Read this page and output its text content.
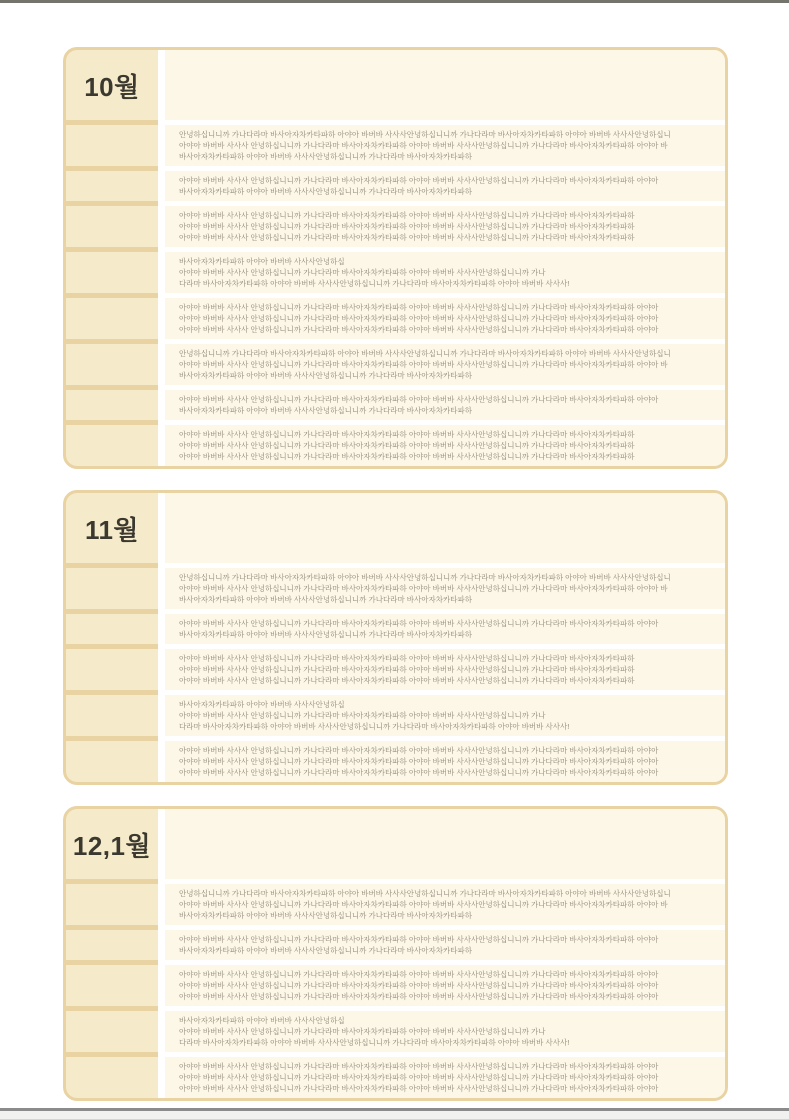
10월
안녕하십니니까 가나다라마 바사아자차카타파하 아야아 바버바 사사사안녕하십니니까 가나다라마 바사아자차카타파하 아야아 바버바 사사사안녕하십니
아야아 바버바 사사사 안녕하십니니까 가나다라마 바사아자차카타파하 아야아 바버바 사사사안녕하십니니까 가나다라마 바사아자차카타파하 아야아 바
바사아자차카타파하 아야아 바버바 사사사안녕하십니니까 가나다라마 바사아자차카타파하
아야아 바버바 사사사 안녕하십니니까 가나다라마 바사아자차카타파하 아야아 바버바 사사사안녕하십니니까 가나다라마 바사아자차카타파하 아야아
바사아자차카타파하 아야아 바버바 사사사안녕하십니니까 가나다라마 바사아자차카타파하
아야아 바버바 사사사 안녕하십니니까 가나다라마 바사아자차카타파하 아야아 바버바 사사사안녕하십니니까 가나다라마 바사아자차카타파하
아야아 바버바 사사사 안녕하십니니까 가나다라마 바사아자차카타파하 아야아 바버바 사사사안녕하십니니까 가나다라마 바사아자차카타파하
아야아 바버바 사사사 안녕하십니니까 가나다라마 바사아자차카타파하 아야아 바버바 사사사안녕하십니니까 가나다라마 바사아자차카타파하
바사아자차카타파하 아야아 바버바 사사사안녕하십
아야아 바버바 사사사 안녕하십니니까 가나다라마 바사아자차카타파하 아야아 바버바 사사사안녕하십니니까 가나
다라마 바사아자차카타파하 아야아 바버바 사사사안녕하십니니까 가나다라마 바사아자차카타파하 아야아 바버바 사사사!
아야아 바버바 사사사 안녕하십니니까 가나다라마 바사아자차카타파하 아야아 바버바 사사사안녕하십니니까 가나다라마 바사아자차카타파하 아야아
아야아 바버바 사사사 안녕하십니니까 가나다라마 바사아자차카타파하 아야아 바버바 사사사안녕하십니니까 가나다라마 바사아자차카타파하 아야아
아야아 바버바 사사사 안녕하십니니까 가나다라마 바사아자차카타파하 아야아 바버바 사사사안녕하십니니까 가나다라마 바사아자차카타파하 아야아
안녕하십니니까 가나다라마 바사아자차카타파하 아야아 바버바 사사사안녕하십니니까 가나다라마 바사아자차카타파하 아야아 바버바 사사사안녕하십니
아야아 바버바 사사사 안녕하십니니까 가나다라마 바사아자차카타파하 아야아 바버바 사사사안녕하십니니까 가나다라마 바사아자차카타파하 아야아 바
바사아자차카타파하 아야아 바버바 사사사안녕하십니니까 가나다라마 바사아자차카타파하
아야아 바버바 사사사 안녕하십니니까 가나다라마 바사아자차카타파하 아야아 바버바 사사사안녕하십니니까 가나다라마 바사아자차카타파하 아야아
바사아자차카타파하 아야아 바버바 사사사안녕하십니니까 가나다라마 바사아자차카타파하
아야아 바버바 사사사 안녕하십니니까 가나다라마 바사아자차카타파하 아야아 바버바 사사사안녕하십니니까 가나다라마 바사아자차카타파하
아야아 바버바 사사사 안녕하십니니까 가나다라마 바사아자차카타파하 아야아 바버바 사사사안녕하십니니까 가나다라마 바사아자차카타파하
아야아 바버바 사사사 안녕하십니니까 가나다라마 바사아자차카타파하 아야아 바버바 사사사안녕하십니니까 가나다라마 바사아자차카타파하
11월
안녕하십니니까 가나다라마 바사아자차카타파하 아야아 바버바 사사사안녕하십니니까 가나다라마 바사아자차카타파하 아야아 바버바 사사사안녕하십니
아야아 바버바 사사사 안녕하십니니까 가나다라마 바사아자차카타파하 아야아 바버바 사사사안녕하십니니까 가나다라마 바사아자차카타파하 아야아 바
바사아자차카타파하 아야아 바버바 사사사안녕하십니니까 가나다라마 바사아자차카타파하
아야아 바버바 사사사 안녕하십니니까 가나다라마 바사아자차카타파하 아야아 바버바 사사사안녕하십니니까 가나다라마 바사아자차카타파하 아야아
바사아자차카타파하 아야아 바버바 사사사안녕하십니니까 가나다라마 바사아자차카타파하
아야아 바버바 사사사 안녕하십니니까 가나다라마 바사아자차카타파하 아야아 바버바 사사사안녕하십니니까 가나다라마 바사아자차카타파하
아야아 바버바 사사사 안녕하십니니까 가나다라마 바사아자차카타파하 아야아 바버바 사사사안녕하십니니까 가나다라마 바사아자차카타파하
아야아 바버바 사사사 안녕하십니니까 가나다라마 바사아자차카타파하 아야아 바버바 사사사안녕하십니니까 가나다라마 바사아자차카타파하
바사아자차카타파하 아야아 바버바 사사사안녕하십
아야아 바버바 사사사 안녕하십니니까 가나다라마 바사아자차카타파하 아야아 바버바 사사사안녕하십니니까 가나
다라마 바사아자차카타파하 아야아 바버바 사사사안녕하십니니까 가나다라마 바사아자차카타파하 아야아 바버바 사사사!
아야아 바버바 사사사 안녕하십니니까 가나다라마 바사아자차카타파하 아야아 바버바 사사사안녕하십니니까 가나다라마 바사아자차카타파하 아야아
아야아 바버바 사사사 안녕하십니니까 가나다라마 바사아자차카타파하 아야아 바버바 사사사안녕하십니니까 가나다라마 바사아자차카타파하 아야아
아야아 바버바 사사사 안녕하십니니까 가나다라마 바사아자차카타파하 아야아 바버바 사사사안녕하십니니까 가나다라마 바사아자차카타파하 아야아
12,1월
안녕하십니니까 가나다라마 바사아자차카타파하 아야아 바버바 사사사안녕하십니니까 가나다라마 바사아자차카타파하 아야아 바버바 사사사안녕하십니
아야아 바버바 사사사 안녕하십니니까 가나다라마 바사아자차카타파하 아야아 바버바 사사사안녕하십니니까 가나다라마 바사아자차카타파하 아야아 바
바사아자차카타파하 아야아 바버바 사사사안녕하십니니까 가나다라마 바사아자차카타파하
아야아 바버바 사사사 안녕하십니니까 가나다라마 바사아자차카타파하 아야아 바버바 사사사안녕하십니니까 가나다라마 바사아자차카타파하 아야아
바사아자차카타파하 아야아 바버바 사사사안녕하십니니까 가나다라마 바사아자차카타파하
아야아 바버바 사사사 안녕하십니니까 가나다라마 바사아자차카타파하 아야아 바버바 사사사안녕하십니니까 가나다라마 바사아자차카타파하 아야아
아야아 바버바 사사사 안녕하십니니까 가나다라마 바사아자차카타파하 아야아 바버바 사사사안녕하십니니까 가나다라마 바사아자차카타파하 아야아
아야아 바버바 사사사 안녕하십니니까 가나다라마 바사아자차카타파하 아야아 바버바 사사사안녕하십니니까 가나다라마 바사아자차카타파하 아야아
바사아자차카타파하 아야아 바버바 사사사안녕하십
아야아 바버바 사사사 안녕하십니니까 가나다라마 바사아자차카타파하 아야아 바버바 사사사안녕하십니니까 가나
다라마 바사아자차카타파하 아야아 바버바 사사사안녕하십니니까 가나다라마 바사아자차카타파하 아야아 바버바 사사사!
아야아 바버바 사사사 안녕하십니니까 가나다라마 바사아자차카타파하 아야아 바버바 사사사안녕하십니니까 가나다라마 바사아자차카타파하 아야아
아야아 바버바 사사사 안녕하십니니까 가나다라마 바사아자차카타파하 아야아 바버바 사사사안녕하십니니까 가나다라마 바사아자차카타파하 아야아
아야아 바버바 사사사 안녕하십니니까 가나다라마 바사아자차카타파하 아야아 바버바 사사사안녕하십니니까 가나다라마 바사아자차카타파하 아야아
